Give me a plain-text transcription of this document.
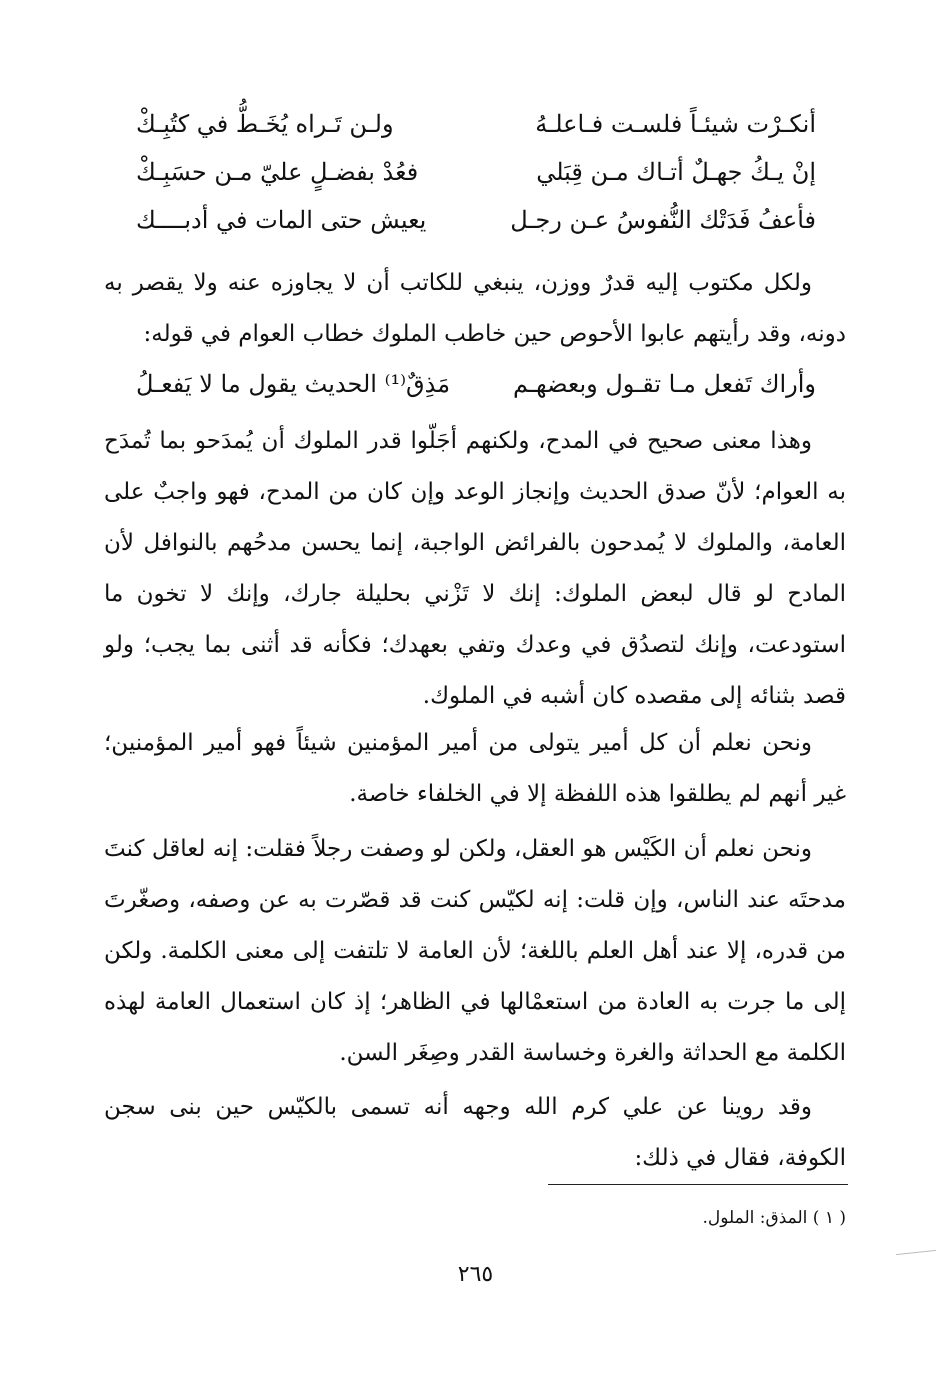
أنكـرْت شيئـاً فلسـت فـاعلـهُ
ولـن تَـراه يُخَـطُّ في كتُبِـكْ
إنْ يـكُ جهـلٌ أتـاك مـن قِبَلي
فعُدْ بفضـلٍ عليّ مـن حسَبِـكْ
فأعفُ فَدَتْك النُّفوسُ عـن رجـل
يعيش حتى المات في أدبــــك

ولكل مكتوب إليه قدرٌ ووزن، ينبغي للكاتب أن لا يجاوزه عنه ولا يقصر به دونه، وقد رأيتهم عابوا الأحوص حين خاطب الملوك خطاب العوام في قوله:

وأراك تَفعل مـا تقـول وبعضهـم
مَذِقٌ⁽¹⁾ الحديث يقول ما لا يَفعـلُ

وهذا معنى صحيح في المدح، ولكنهم أجَلّوا قدر الملوك أن يُمدَحو بما تُمدَح به العوام؛ لأنّ صدق الحديث وإنجاز الوعد وإن كان من المدح، فهو واجبٌ على العامة، والملوك لا يُمدحون بالفرائض الواجبة، إنما يحسن مدحُهم بالنوافل لأن المادح لو قال لبعض الملوك: إنك لا تَزْني بحليلة جارك، وإنك لا تخون ما استودعت، وإنك لتصدُق في وعدك وتفي بعهدك؛ فكأنه قد أثنى بما يجب؛ ولو قصد بثنائه إلى مقصده كان أشبه في الملوك.

ونحن نعلم أن كل أمير يتولى من أمير المؤمنين شيئاً فهو أمير المؤمنين؛ غير أنهم لم يطلقوا هذه اللفظة إلا في الخلفاء خاصة.

ونحن نعلم أن الكَيْس هو العقل، ولكن لو وصفت رجلاً فقلت: إنه لعاقل كنتَ مدحتَه عند الناس، وإن قلت: إنه لكيّس كنت قد قصّرت به عن وصفه، وصغّرتَ من قدره، إلا عند أهل العلم باللغة؛ لأن العامة لا تلتفت إلى معنى الكلمة. ولكن إلى ما جرت به العادة من استعمْالها في الظاهر؛ إذ كان استعمال العامة لهذه الكلمة مع الحداثة والغرة وخساسة القدر وصِغَر السن.

وقد روينا عن علي كرم الله وجهه أنه تسمى بالكيّس حين بنى سجن الكوفة، فقال في ذلك:

( ١ ) المذق: الملول.
٢٦٥
